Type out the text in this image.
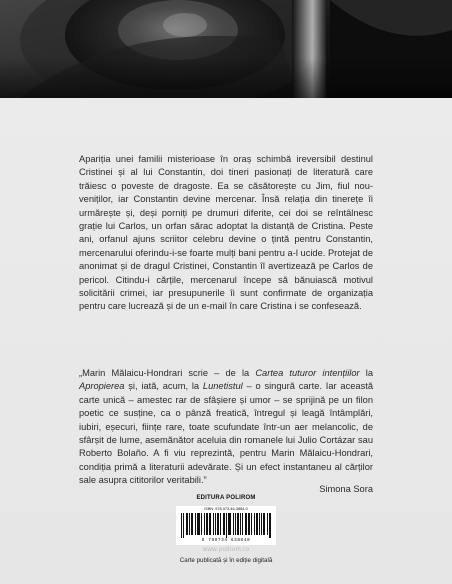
Apariția unei familii misterioase în oraș schimbă ireversibil destinul Cristinei și al lui Constantin, doi tineri pasionați de literatură care trăiesc o poveste de dragoste. Ea se căsătorește cu Jim, fiul nou-veniților, iar Constantin devine mercenar. Însă relația din tinerețe îi urmărește și, deși porniți pe drumuri diferite, cei doi se reîntâlnesc grație lui Carlos, un orfan sărac adoptat la distanță de Cristina. Peste ani, orfanul ajuns scriitor celebru devine o țintă pentru Constantin, mercenarului oferindu-i-se foarte mulți bani pentru a-l ucide. Protejat de anonimat și de dragul Cristinei, Constantin îl avertizează pe Carlos de pericol. Citindu-i cărțile, mercenarul începe să bănuiască motivul solicitării crimei, iar presupunerile îi sunt confirmate de organizația pentru care lucrează și de un e-mail în care Cristina i se confesează.

„Marin Mălaicu-Hondrari scrie – de la Cartea tuturor intențiilor la Apropierea și, iată, acum, la Lunetistul – o singură carte. Iar această carte unică – amestec rar de sfâșiere și umor – se sprijină pe un filon poetic ce susține, ca o pânză freatică, întregul și leagă întâmplări, iubiri, eșecuri, ființe rare, toate scufundate într-un aer melancolic, de sfârșit de lume, asemănător aceluia din romanele lui Julio Cortázar sau Roberto Bolaño. A fi viu reprezintă, pentru Marin Mălaicu-Hondrari, condiția primă a literaturii adevărate. Și un efect instantaneu al cărților sale asupra cititorilor veritabili.”

Simona Sora

EDITURA POLIROM

ISBN: 978-973-46-3884-0

9 789734 638840

www.polirom.ro

Carte publicată și în ediție digitală
